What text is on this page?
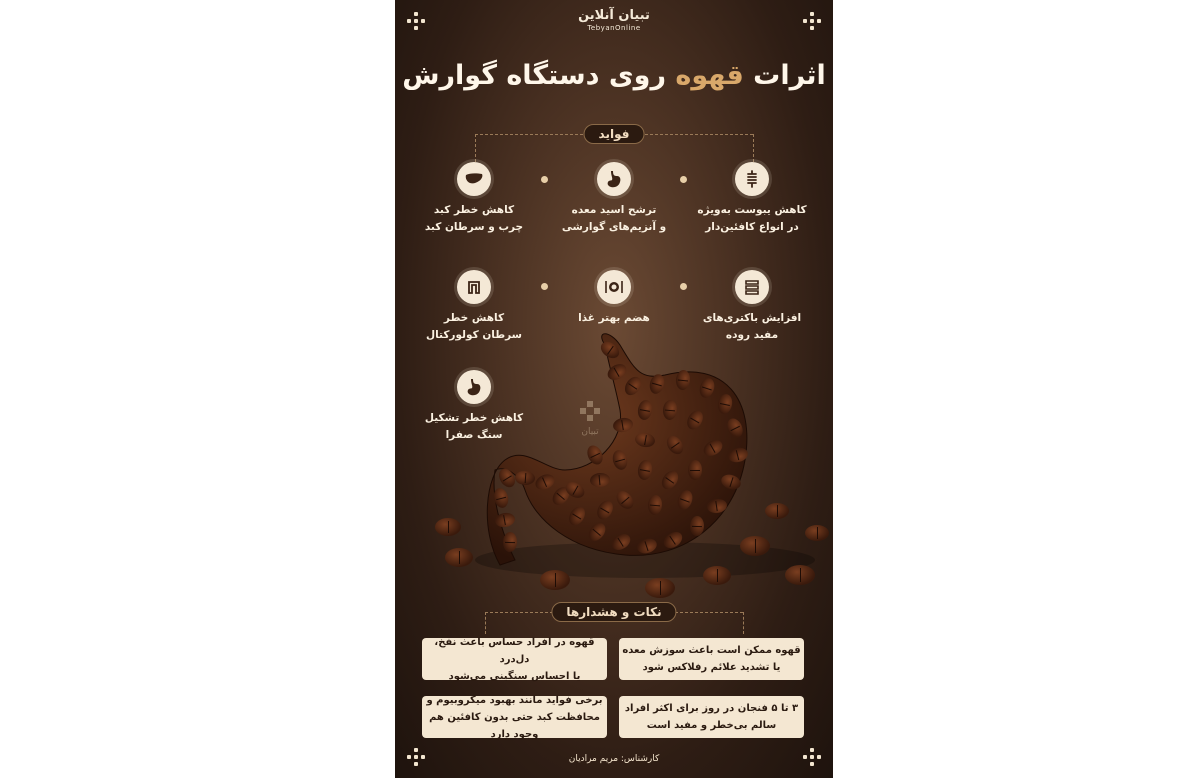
تبیان آنلاین
TebyanOnline
اثرات قهوه روی دستگاه گوارش
فواید
کاهش یبوست به‌ویژه
در انواع کافئین‌دار
ترشح اسید معده
و آنزیم‌های گوارشی
کاهش خطر کبد
چرب و سرطان کبد
افزایش باکتری‌های
مفید روده
هضم بهتر غذا
کاهش خطر
سرطان کولورکتال
کاهش خطر تشکیل
سنگ صفرا	تبیان
نکات و هشدارها
قهوه ممکن است باعث سوزش معده
یا تشدید علائم رفلاکس شود
قهوه در افراد حساس باعث نفخ، دل‌درد
یا احساس سنگینی می‌شود
۳ تا ۵ فنجان در روز برای اکثر افراد
سالم بی‌خطر و مفید است
برخی فواید مانند بهبود میکروبیوم و
محافظت کبد حتی بدون کافئین هم وجود دارد
کارشناس: مریم مرادیان
